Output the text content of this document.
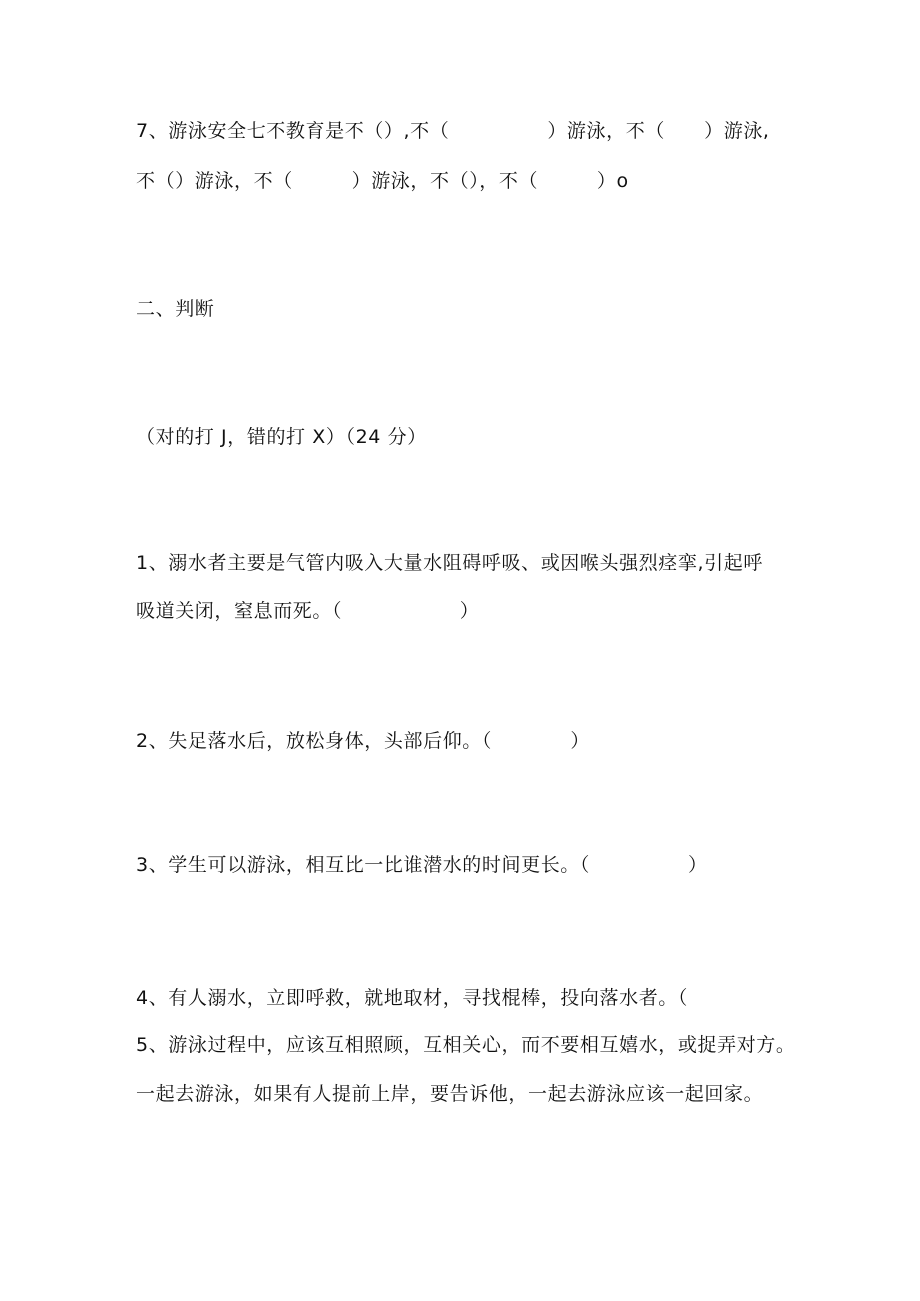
7、游泳安全七不教育是不（）,不（　　　　　）游泳，不（　　）游泳,
不（）游泳，不（　　　）游泳，不（），不（　　　）o
二、判断
（对的打 J，错的打 X）（24 分）
1、溺水者主要是气管内吸入大量水阻碍呼吸、或因喉头强烈痉挛,引起呼
吸道关闭，窒息而死。（　　　　　　）
2、失足落水后，放松身体，头部后仰。（　　　　）
3、学生可以游泳，相互比一比谁潜水的时间更长。（　　　　　）
4、有人溺水，立即呼救，就地取材，寻找棍棒，投向落水者。（
5、游泳过程中，应该互相照顾，互相关心，而不要相互嬉水，或捉弄对方。
一起去游泳，如果有人提前上岸，要告诉他，一起去游泳应该一起回家。
